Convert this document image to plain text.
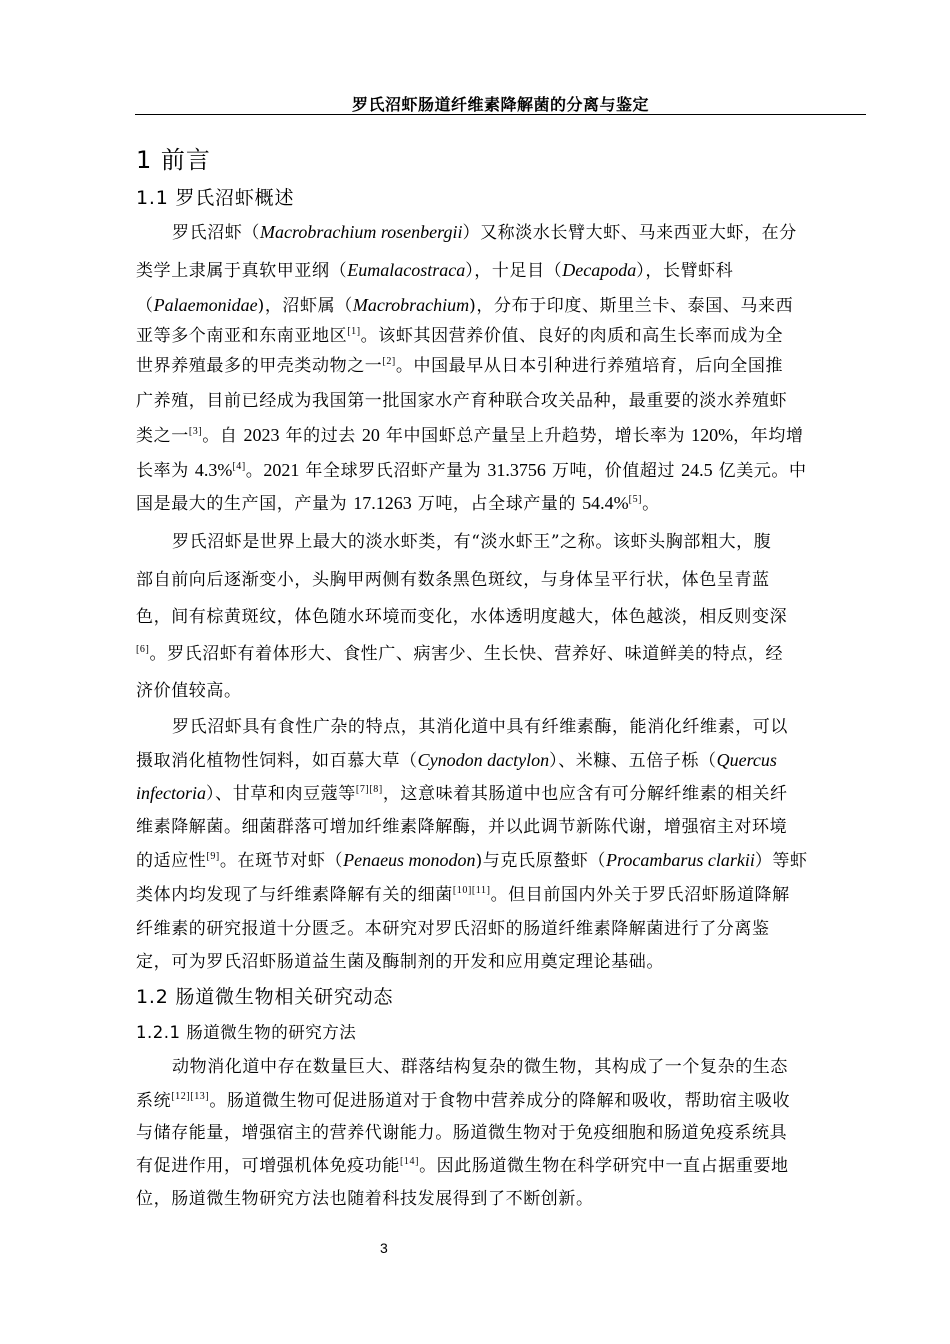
罗氏沼虾肠道纤维素降解菌的分离与鉴定
1 前言
1.1 罗氏沼虾概述
罗氏沼虾（Macrobrachium rosenbergii）又称淡水长臂大虾、马来西亚大虾，在分
类学上隶属于真软甲亚纲（Eumalacostraca），十足目（Decapoda），长臂虾科
（Palaemonidae)，沼虾属（Macrobrachium)，分布于印度、斯里兰卡、泰国、马来西
亚等多个南亚和东南亚地区[1]。该虾其因营养价值、良好的肉质和高生长率而成为全
世界养殖最多的甲壳类动物之一[2]。中国最早从日本引种进行养殖培育，后向全国推
广养殖，目前已经成为我国第一批国家水产育种联合攻关品种，最重要的淡水养殖虾
类之一[3]。自 2023 年的过去 20 年中国虾总产量呈上升趋势，增长率为 120%，年均增
长率为 4.3%[4]。2021 年全球罗氏沼虾产量为 31.3756 万吨，价值超过 24.5 亿美元。中
国是最大的生产国，产量为 17.1263 万吨，占全球产量的 54.4%[5]。
罗氏沼虾是世界上最大的淡水虾类，有“淡水虾王”之称。该虾头胸部粗大，腹
部自前向后逐渐变小，头胸甲两侧有数条黑色斑纹，与身体呈平行状，体色呈青蓝
色，间有棕黄斑纹，体色随水环境而变化，水体透明度越大，体色越淡，相反则变深
[6]。罗氏沼虾有着体形大、食性广、病害少、生长快、营养好、味道鲜美的特点，经
济价值较高。
罗氏沼虾具有食性广杂的特点，其消化道中具有纤维素酶，能消化纤维素，可以
摄取消化植物性饲料，如百慕大草（Cynodon dactylon）、米糠、五倍子栎（Quercus
infectoria）、甘草和肉豆蔻等[7][8]，这意味着其肠道中也应含有可分解纤维素的相关纤
维素降解菌。细菌群落可增加纤维素降解酶，并以此调节新陈代谢，增强宿主对环境
的适应性[9]。在斑节对虾（Penaeus monodon)与克氏原螯虾（Procambarus clarkii）等虾
类体内均发现了与纤维素降解有关的细菌[10][11]。但目前国内外关于罗氏沼虾肠道降解
纤维素的研究报道十分匮乏。本研究对罗氏沼虾的肠道纤维素降解菌进行了分离鉴
定，可为罗氏沼虾肠道益生菌及酶制剂的开发和应用奠定理论基础。
1.2 肠道微生物相关研究动态
1.2.1 肠道微生物的研究方法
动物消化道中存在数量巨大、群落结构复杂的微生物，其构成了一个复杂的生态
系统[12][13]。肠道微生物可促进肠道对于食物中营养成分的降解和吸收，帮助宿主吸收
与储存能量，增强宿主的营养代谢能力。肠道微生物对于免疫细胞和肠道免疫系统具
有促进作用，可增强机体免疫功能[14]。因此肠道微生物在科学研究中一直占据重要地
位，肠道微生物研究方法也随着科技发展得到了不断创新。
3
